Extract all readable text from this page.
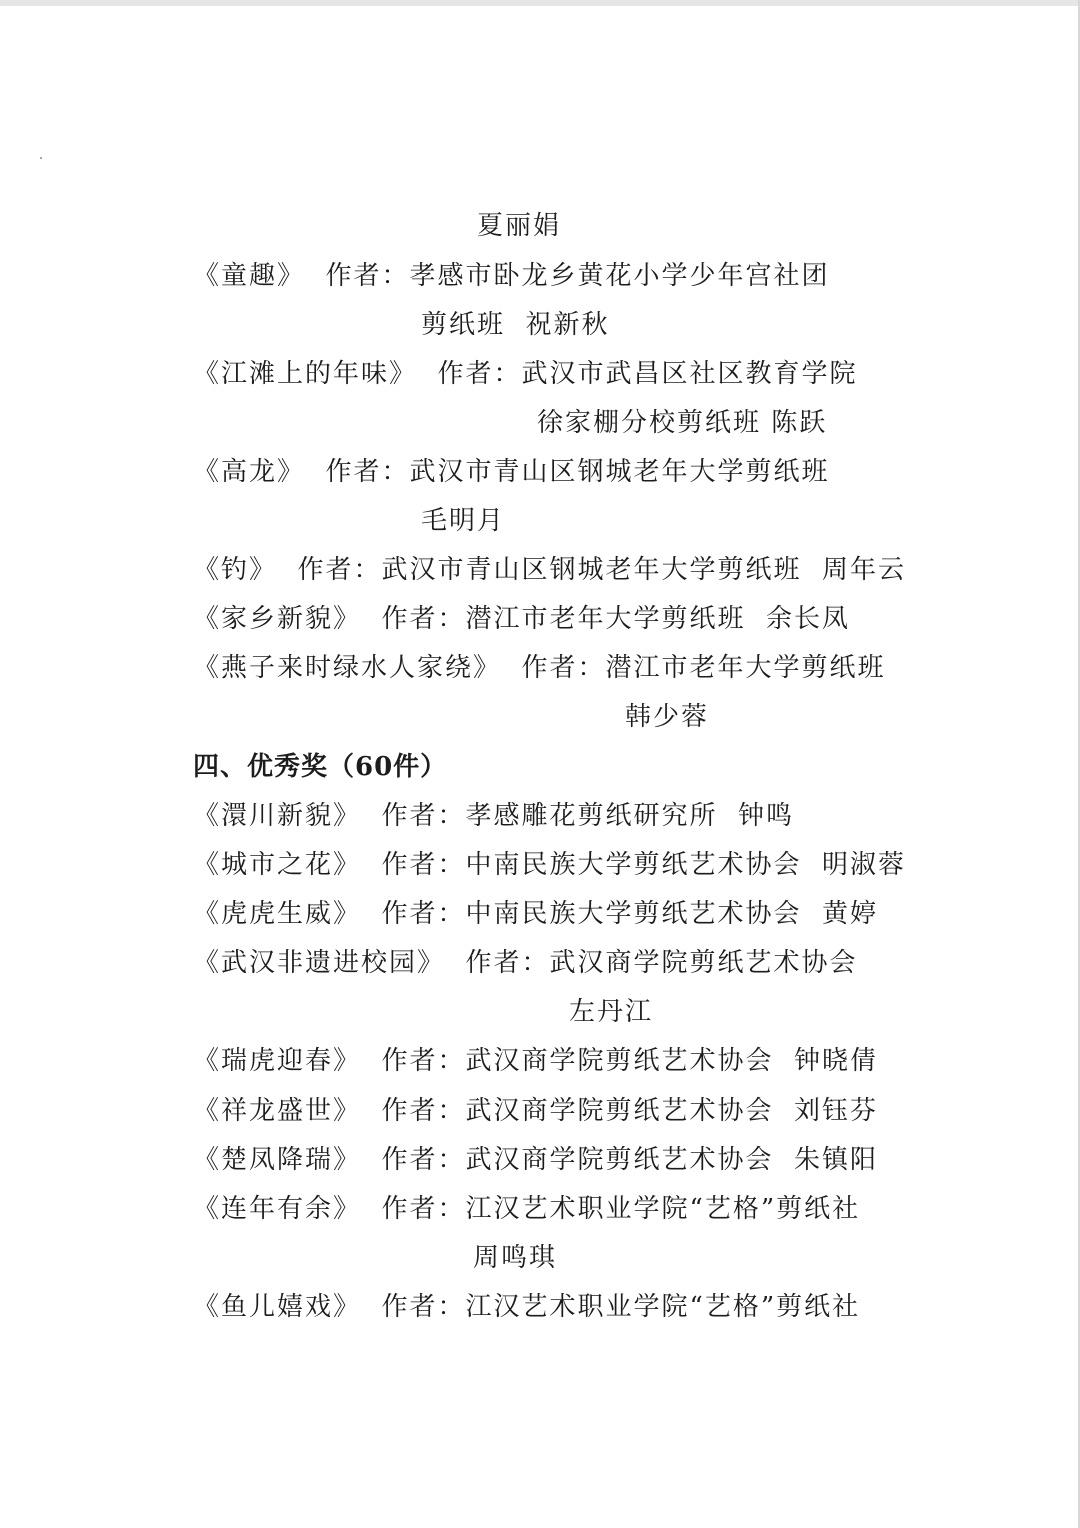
夏丽娟
《童趣》  作者：孝感市卧龙乡黄花小学少年宫社团
剪纸班  祝新秋
《江滩上的年味》  作者：武汉市武昌区社区教育学院
徐家棚分校剪纸班 陈跃
《高龙》  作者：武汉市青山区钢城老年大学剪纸班
毛明月
《钓》  作者：武汉市青山区钢城老年大学剪纸班  周年云
《家乡新貌》  作者：潜江市老年大学剪纸班  余长凤
《燕子来时绿水人家绕》  作者：潜江市老年大学剪纸班
韩少蓉
四、优秀奖（60件）
《澴川新貌》  作者：孝感雕花剪纸研究所  钟鸣
《城市之花》  作者：中南民族大学剪纸艺术协会  明淑蓉
《虎虎生威》  作者：中南民族大学剪纸艺术协会  黄婷
《武汉非遗进校园》  作者：武汉商学院剪纸艺术协会
左丹江
《瑞虎迎春》  作者：武汉商学院剪纸艺术协会  钟晓倩
《祥龙盛世》  作者：武汉商学院剪纸艺术协会  刘钰芬
《楚凤降瑞》  作者：武汉商学院剪纸艺术协会  朱镇阳
《连年有余》  作者：江汉艺术职业学院“艺格”剪纸社
周鸣琪
《鱼儿嬉戏》  作者：江汉艺术职业学院“艺格”剪纸社
